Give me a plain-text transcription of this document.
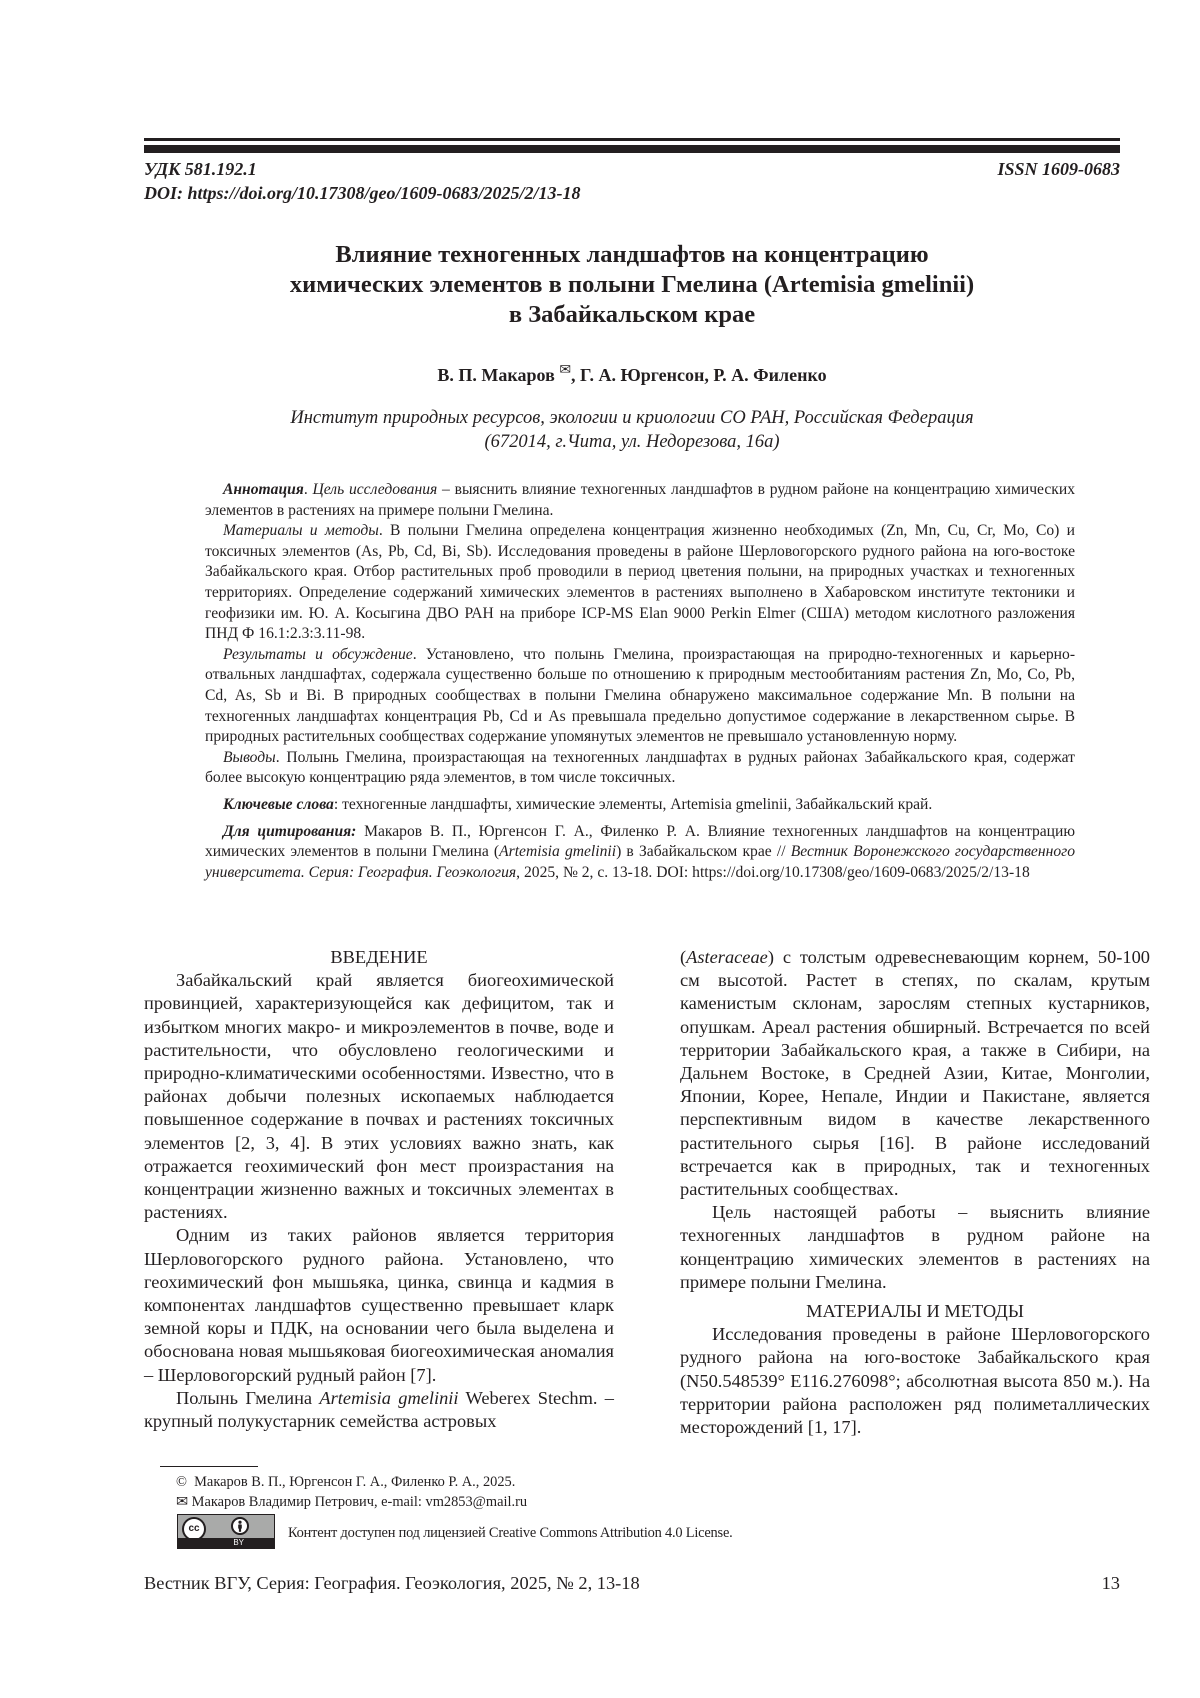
УДК 581.192.1	ISSN 1609-0683
DOI: https://doi.org/10.17308/geo/1609-0683/2025/2/13-18
Влияние техногенных ландшафтов на концентрацию
химических элементов в полыни Гмелина (Artemisia gmelinii)
в Забайкальском крае
В. П. Макаров ✉, Г. А. Юргенсон, Р. А. Филенко
Институт природных ресурсов, экологии и криологии СО РАН, Российская Федерация
(672014, г.Чита, ул. Недорезова, 16а)

Аннотация. Цель исследования – выяснить влияние техногенных ландшафтов в рудном районе на концентрацию химических элементов в растениях на примере полыни Гмелина.

Материалы и методы. В полыни Гмелина определена концентрация жизненно необходимых (Zn, Mn, Cu, Cr, Mo, Co) и токсичных элементов (As, Pb, Cd, Bi, Sb). Исследования проведены в районе Шерловогорского рудного района на юго-востоке Забайкальского края. Отбор растительных проб проводили в период цветения полыни, на природных участках и техногенных территориях. Определение содержаний химических элементов в растениях выполнено в Хабаровском институте тектоники и геофизики им. Ю. А. Косыгина ДВО РАН на приборе ICP-MS Elan 9000 Perkin Elmer (США) методом кислотного разложения ПНД Ф 16.1:2.3:3.11-98.

Результаты и обсуждение. Установлено, что полынь Гмелина, произрастающая на природно-техногенных и карьерно-отвальных ландшафтах, содержала существенно больше по отношению к природным местообитаниям растения Zn, Mo, Co, Pb, Cd, As, Sb и Bi. В природных сообществах в полыни Гмелина обнаружено максимальное содержание Mn. В полыни на техногенных ландшафтах концентрация Pb, Cd и As превышала предельно допустимое содержание в лекарственном сырье. В природных растительных сообществах содержание упомянутых элементов не превышало установленную норму.

Выводы. Полынь Гмелина, произрастающая на техногенных ландшафтах в рудных районах Забайкальского края, содержат более высокую концентрацию ряда элементов, в том числе токсичных.

Ключевые слова: техногенные ландшафты, химические элементы, Artemisia gmelinii, Забайкальский край.

Для цитирования: Макаров В. П., Юргенсон Г. А., Филенко Р. А. Влияние техногенных ландшафтов на концентрацию химических элементов в полыни Гмелина (Artemisia gmelinii) в Забайкальском крае // Вестник Воронежского государственного университета. Серия: География. Геоэкология, 2025, № 2, с. 13-18. DOI: https://doi.org/10.17308/geo/1609-0683/2025/2/13-18

ВВЕДЕНИЕ

Забайкальский край является биогеохимической провинцией, характеризующейся как дефицитом, так и избытком многих макро- и микроэлементов в почве, воде и растительности, что обусловлено геологическими и природно-климатическими особенностями. Известно, что в районах добычи полезных ископаемых наблюдается повышенное содержание в почвах и растениях токсичных элементов [2, 3, 4]. В этих условиях важно знать, как отражается геохимический фон мест произрастания на концентрации жизненно важных и токсичных элементах в растениях.

Одним из таких районов является территория Шерловогорского рудного района. Установлено, что геохимический фон мышьяка, цинка, свинца и кадмия в компонентах ландшафтов существенно превышает кларк земной коры и ПДК, на основании чего была выделена и обоснована новая мышьяковая биогеохимическая аномалия – Шерловогорский рудный район [7].

Полынь Гмелина Artemisia gmelinii Weberex Stechm. – крупный полукустарник семейства астровых

(Asteraceae) с толстым одревесневающим корнем, 50-100 см высотой. Растет в степях, по скалам, крутым каменистым склонам, зарослям степных кустарников, опушкам. Ареал растения обширный. Встречается по всей территории Забайкальского края, а также в Сибири, на Дальнем Востоке, в Средней Азии, Китае, Монголии, Японии, Корее, Непале, Индии и Пакистане, является перспективным видом в качестве лекарственного растительного сырья [16]. В районе исследований встречается как в природных, так и техногенных растительных сообществах.

Цель настоящей работы – выяснить влияние техногенных ландшафтов в рудном районе на концентрацию химических элементов в растениях на примере полыни Гмелина.

МАТЕРИАЛЫ И МЕТОДЫ

Исследования проведены в районе Шерловогорского рудного района на юго-востоке Забайкальского края (N50.548539° E116.276098°; абсолютная высота 850 м.). На территории района расположен ряд полиметаллических месторождений [1, 17].

© Макаров В. П., Юргенсон Г. А., Филенко Р. А., 2025.
✉ Макаров Владимир Петрович, e-mail: vm2853@mail.ru
cc
BY
Контент доступен под лицензией Creative Commons Attribution 4.0 License.
Вестник ВГУ, Серия: География. Геоэкология, 2025, № 2, 13-18	13
